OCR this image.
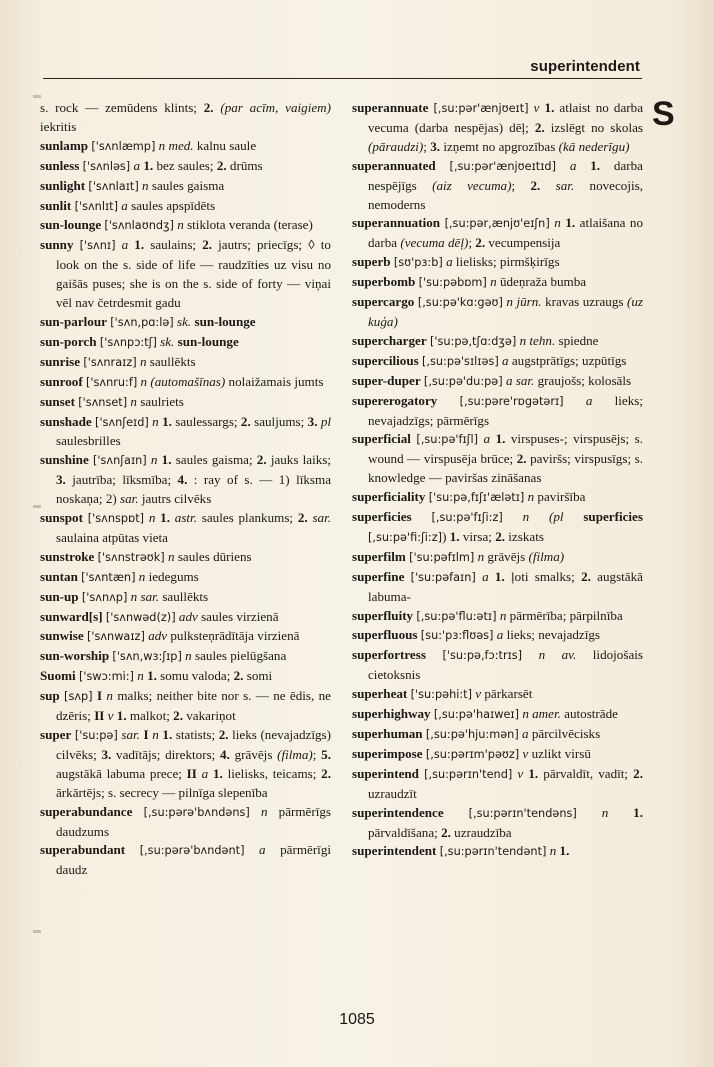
superintendent
S
s. rock — zemūdens klints; 2. (par acīm, vaigiem) iekritis
sunlamp ['sʌnlæmp] n med. kalnu saule
sunless ['sʌnləs] a 1. bez saules; 2. drūms
sunlight ['sʌnlaɪt] n saules gaisma
sunlit ['sʌnlɪt] a saules apspīdēts
sun-lounge ['sʌnlaʊndʒ] n stiklota veranda (terase)
sunny ['sʌnɪ] a 1. saulains; 2. jautrs; priecīgs; ◊ to look on the s. side of life — raudzīties uz visu no gaišās puses; she is on the s. side of forty — viņai vēl nav četrdesmit gadu
sun-parlour ['sʌn,pɑ:lə] sk. sun-lounge
sun-porch ['sʌnpɔ:tʃ] sk. sun-lounge
sunrise ['sʌnraɪz] n saullēkts
sunroof ['sʌnru:f] n (automašīnas) nolaižamais jumts
sunset ['sʌnset] n saulriets
sunshade ['sʌnʃeɪd] n 1. saulessargs; 2. sauljums; 3. pl saulesbrilles
sunshine ['sʌnʃaɪn] n 1. saules gaisma; 2. jauks laiks; 3. jautrība; līksmība; 4. : ray of s. — 1) līksma noskaņa; 2) sar. jautrs cilvēks
sunspot ['sʌnspɒt] n 1. astr. saules plankums; 2. sar. saulaina atpūtas vieta
sunstroke ['sʌnstrəʊk] n saules dūriens
suntan ['sʌntæn] n iedegums
sun-up ['sʌnʌp] n sar. saullēkts
sunward[s] ['sʌnwəd(z)] adv saules virzienā
sunwise ['sʌnwaɪz] adv pulksteņrādītāja virzienā
sun-worship ['sʌn,wɜ:ʃɪp] n saules pielūgšana
Suomi ['swɔ:mi:] n 1. somu valoda; 2. somi
sup [sʌp] I n malks; neither bite nor s. — ne ēdis, ne dzēris; II v 1. malkot; 2. vakariņot
super ['su:pə] sar. I n 1. statists; 2. lieks (nevajadzīgs) cilvēks; 3. vadītājs; direktors; 4. grāvējs (filma); 5. augstākā labuma prece; II a 1. lielisks, teicams; 2. ārkārtējs; s. secrecy — pilnīga slepenība
superabundance [,su:pərə'bʌndəns] n pārmērīgs daudzums
superabundant [,su:pərə'bʌndənt] a pārmērīgi daudz
superannuate [,su:pər'ænjʊeɪt] v 1. atlaist no darba vecuma (darba nespējas) dēļ; 2. izslēgt no skolas (pāraudzi); 3. izņemt no apgrozības (kā nederīgu)
superannuated [,su:pər'ænjʊeɪtɪd] a 1. darba nespējīgs (aiz vecuma); 2. sar. novecojis, nemoderns
superannuation [,su:pər,ænjʊ'eɪʃn] n 1. atlaišana no darba (vecuma dēļ); 2. vecumpensija
superb [sʊ'pɜ:b] a lielisks; pirmšķirīgs
superbomb ['su:pəbɒm] n ūdeņraža bumba
supercargo [,su:pə'kɑ:gəʊ] n jūrn. kravas uzraugs (uz kuģa)
supercharger ['su:pə,tʃɑ:dʒə] n tehn. spiedne
supercilious [,su:pə'sɪlɪəs] a augstprātīgs; uzpūtīgs
super-duper [,su:pə'du:pə] a sar. graujošs; kolosāls
supererogatory [,su:pəre'rɒgətərɪ] a lieks; nevajadzīgs; pārmērīgs
superficial [,su:pə'fɪʃl] a 1. virspuses-; virspusējs; s. wound — virspusēja brūce; 2. paviršs; virspusīgs; s. knowledge — paviršas zināšanas
superficiality ['su:pə,fɪʃɪ'ælətɪ] n paviršība
superficies [,su:pə'fɪʃi:z] n (pl superficies [,su:pə'fi:ʃi:z]) 1. virsa; 2. izskats
superfilm ['su:pəfɪlm] n grāvējs (filma)
superfine ['su:pəfaɪn] a 1. ļoti smalks; 2. augstākā labuma-
superfluity [,su:pə'flu:ətɪ] n pārmērība; pārpilnība
superfluous [su:'pɜ:flʊəs] a lieks; nevajadzīgs
superfortress ['su:pə,fɔ:trɪs] n av. lidojošais cietoksnis
superheat ['su:pəhi:t] v pārkarsēt
superhighway [,su:pə'haɪweɪ] n amer. autostrāde
superhuman [,su:pə'hju:mən] a pārcilvēcisks
superimpose [,su:pərɪm'pəʊz] v uzlikt virsū
superintend [,su:pərɪn'tend] v 1. pārvaldīt, vadīt; 2. uzraudzīt
superintendence [,su:pərɪn'tendəns] n 1. pārvaldīšana; 2. uzraudzība
superintendent [,su:pərɪn'tendənt] n 1.
1085
